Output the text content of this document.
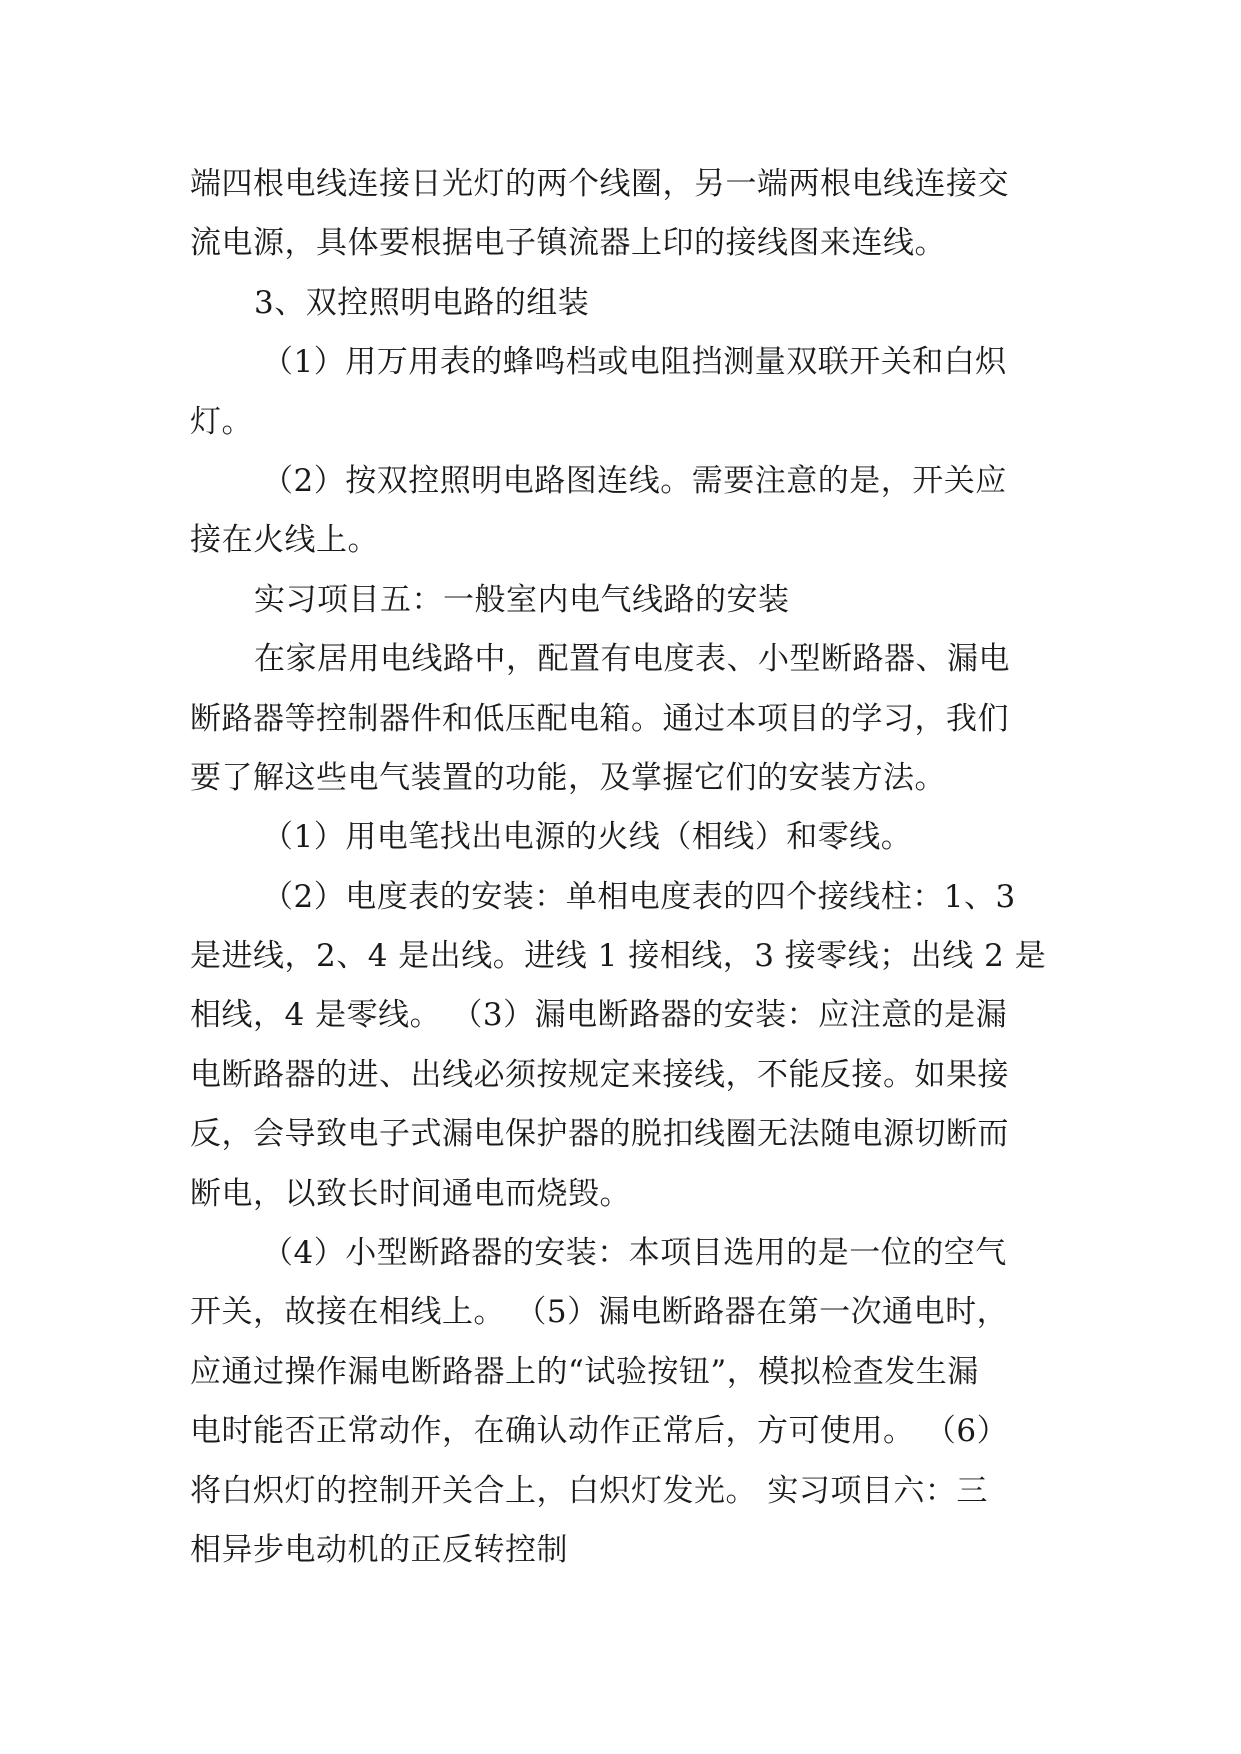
端四根电线连接日光灯的两个线圈，另一端两根电线连接交
流电源，具体要根据电子镇流器上印的接线图来连线。
3、双控照明电路的组装
（1）用万用表的蜂鸣档或电阻挡测量双联开关和白炽
灯。
（2）按双控照明电路图连线。需要注意的是，开关应
接在火线上。
实习项目五：一般室内电气线路的安装
在家居用电线路中，配置有电度表、小型断路器、漏电
断路器等控制器件和低压配电箱。通过本项目的学习，我们
要了解这些电气装置的功能，及掌握它们的安装方法。
（1）用电笔找出电源的火线（相线）和零线。
（2）电度表的安装：单相电度表的四个接线柱：1、3
是进线，2、4 是出线。进线 1 接相线，3 接零线；出线 2 是
相线，4 是零线。 （3）漏电断路器的安装：应注意的是漏
电断路器的进、出线必须按规定来接线，不能反接。如果接
反，会导致电子式漏电保护器的脱扣线圈无法随电源切断而
断电，以致长时间通电而烧毁。
（4）小型断路器的安装：本项目选用的是一位的空气
开关，故接在相线上。 （5）漏电断路器在第一次通电时，
应通过操作漏电断路器上的“试验按钮”，模拟检查发生漏
电时能否正常动作，在确认动作正常后，方可使用。 （6）
将白炽灯的控制开关合上，白炽灯发光。 实习项目六：三
相异步电动机的正反转控制
